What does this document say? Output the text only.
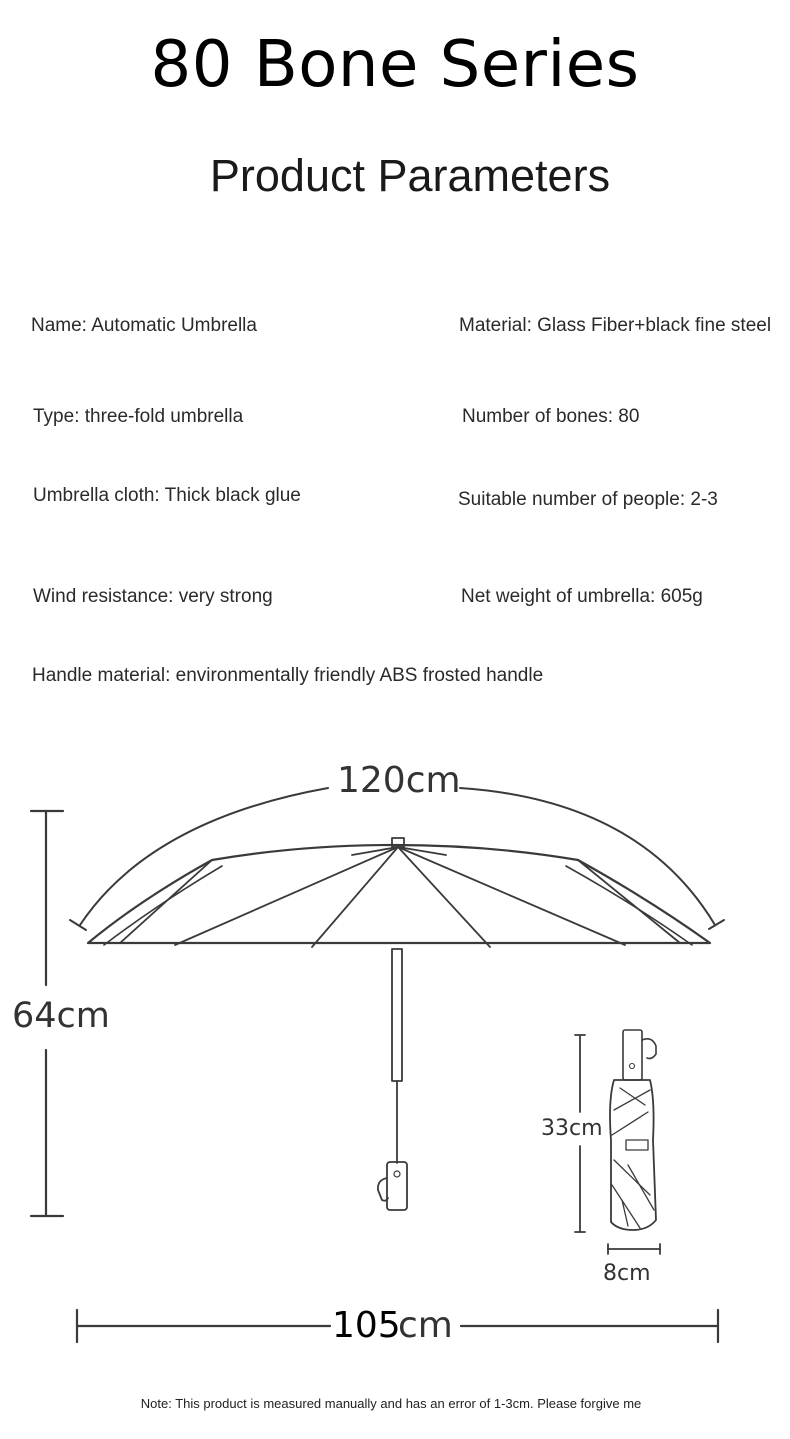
80 Bone Series
Product Parameters
Name: Automatic Umbrella	Material: Glass Fiber+black fine steel
Type: three-fold umbrella	Number of bones: 80
Umbrella cloth: Thick black glue	Suitable number of people: 2-3
Wind resistance: very strong	Net weight of umbrella: 605g
Handle material: environmentally friendly ABS frosted handle
120cm
64cm
33cm
8cm
105
cm
Note: This product is measured manually and has an error of 1-3cm. Please forgive me
